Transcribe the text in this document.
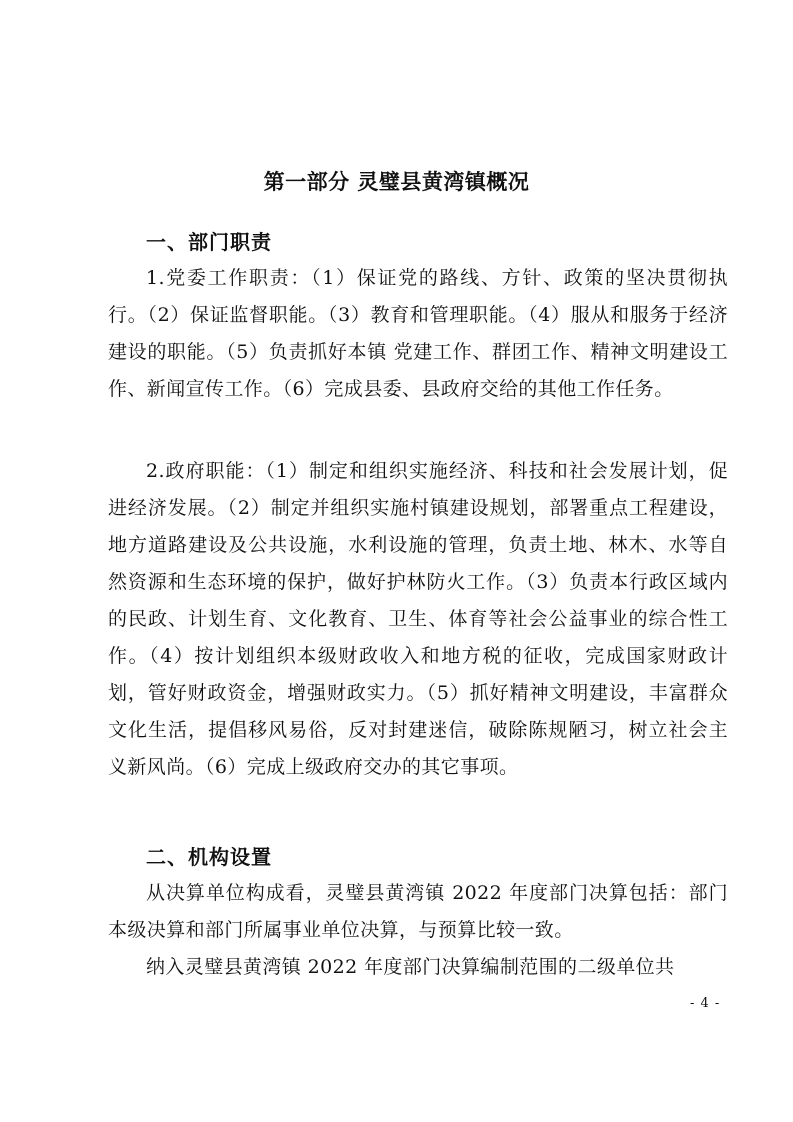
第一部分 灵璧县黄湾镇概况
一、部门职责

1.党委工作职责：（1）保证党的路线、方针、政策的坚决贯彻执行。（2）保证监督职能。（3）教育和管理职能。（4）服从和服务于经济建设的职能。（5）负责抓好本镇 党建工作、群团工作、精神文明建设工作、新闻宣传工作。（6）完成县委、县政府交给的其他工作任务。

2.政府职能：（1）制定和组织实施经济、科技和社会发展计划，促进经济发展。（2）制定并组织实施村镇建设规划，部署重点工程建设，地方道路建设及公共设施，水利设施的管理，负责土地、林木、水等自然资源和生态环境的保护，做好护林防火工作。（3）负责本行政区域内的民政、计划生育、文化教育、卫生、体育等社会公益事业的综合性工作。（4）按计划组织本级财政收入和地方税的征收，完成国家财政计划，管好财政资金，增强财政实力。（5）抓好精神文明建设，丰富群众文化生活，提倡移风易俗，反对封建迷信，破除陈规陋习，树立社会主义新风尚。（6）完成上级政府交办的其它事项。

二、机构设置

从决算单位构成看，灵璧县黄湾镇 2022 年度部门决算包括：部门本级决算和部门所属事业单位决算，与预算比较一致。

纳入灵璧县黄湾镇 2022 年度部门决算编制范围的二级单位共

- 4 -
